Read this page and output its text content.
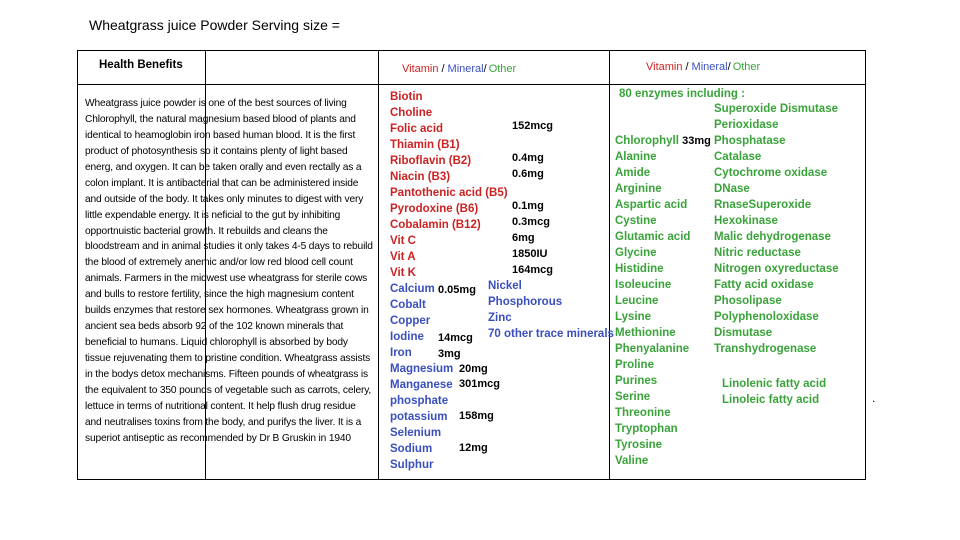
Wheatgrass juice Powder Serving size =
Health Benefits
Wheatgrass juice powder is one of the best sources of living Chlorophyll, the natural magnesium based blood of plants and identical to heamoglobin iron based human blood. It is the first product of photosynthesis so it contains plenty of light based energ, and oxygen. It can be taken orally and even rectally as a colon implant. It is antibacterial that can be administered inside and outside of the body. It takes only minutes to digest with very little expendable energy. It is neficial to the gut by inhibiting opportnuistic bacterial growth. It rebuilds and cleans the bloodstream and in animal studies it only takes 4-5 days to rebuild the blood of extremely anemic and/or low red blood cell count animals. Farmers in the midwest use wheatgrass for sterile cows and bulls to restore fertility, since the high magnesium content builds enzymes that restore sex hormones. Wheatgrass grown in ancient sea beds absorb 92 of the 102 known minerals that beneficial to humans. Liquid chlorophyll is absorbed by body tissue rejuvenating them to pristine condition. Wheatgrass assists in the bodys detox mechanisms. Fifteen pounds of wheatgrass is the equivalent to 350 pounds of vegetable such as carrots, celery, lettuce in terms of nutritional content. It help flush drug residue and neutralises toxins from the body, and purifys the liver. It is a superiot antiseptic as recommended by Dr B Gruskin in 1940
Vitamin / Mineral/ Other	Vitamin / Mineral/ Other
Biotin
Choline
Folic acid
Thiamin (B1)
Riboflavin (B2)
Niacin (B3)
Pantothenic acid (B5)
Pyrodoxine (B6)
Cobalamin (B12)
Vit C
Vit A
Vit K
152mcg
0.4mg
0.6mg
0.1mg
0.3mcg
6mg
1850IU
164mcg
Calcium
Cobalt
Copper
Iodine
Iron
Magnesium
Manganese
phosphate
potassium
Selenium
Sodium
Sulphur
0.05mg
14mcg
3mg
20mg
301mcg
158mg
12mg
Nickel
Phosphorous
Zinc
70 other trace minerals
80 enzymes including :
Chlorophyll 33mg
Alanine
Amide
Arginine
Aspartic acid
Cystine
Glutamic acid
Glycine
Histidine
Isoleucine
Leucine
Lysine
Methionine
Phenyalanine
Proline
Purines
Serine
Threonine
Tryptophan
Tyrosine
Valine
Superoxide Dismutase
Perioxidase
Phosphatase
Catalase
Cytochrome oxidase
DNase
RnaseSuperoxide
Hexokinase
Malic dehydrogenase
Nitric reductase
Nitrogen oxyreductase
Fatty acid oxidase
Phosolipase
Polyphenoloxidase
Dismutase
Transhydrogenase
Linolenic fatty acid
Linoleic fatty acid	.
